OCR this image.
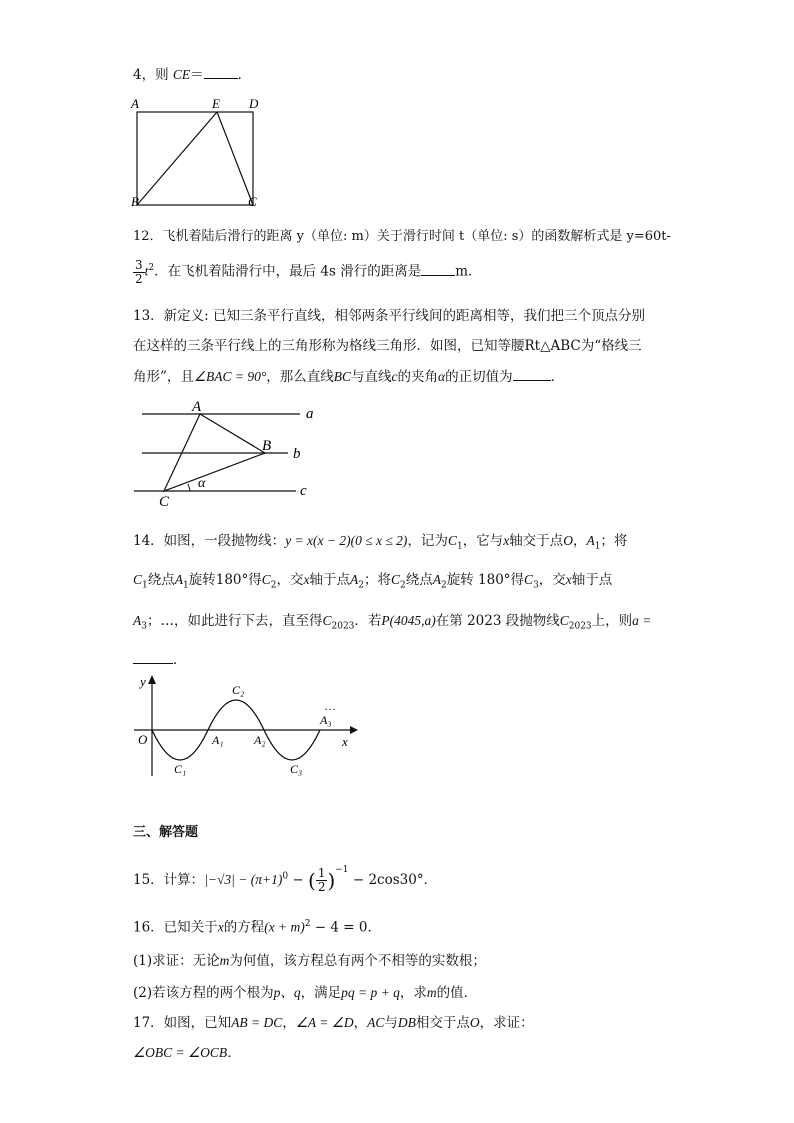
4，则 CE＝	．
A	E D
B	C
12．飞机着陆后滑行的距离 y（单位: m）关于滑行时间 t（单位: s）的函数解析式是 y=60t-
$\frac{3}{2} t^2$．在飞机着陆滑行中，最后 4s 滑行的距离是	m．
13．新定义: 已知三条平行直线，相邻两条平行线间的距离相等，我们把三个顶点分别
在这样的三条平行线上的三角形称为格线三角形．如图，已知等腰Rt△ABC为“格线三
角形”，且∠BAC = 90°，那么直线BC与直线c的夹角α的正切值为	．
A
B
C
a
b
c
α
14．如图，一段抛物线：y = x(x − 2)(0 ≤ x ≤ 2)，记为$C_1$，它与x轴交于点O，$A_1$；将
$C_1$绕点$A_1$旋转180°得$C_2$，交x轴于点$A_2$；将$C_2$绕点$A_2$旋转 180°得$C_3$，交x轴于点
$A_3$；…，如此进行下去，直至得$C_{2023}$．若P(4045,a)在第 2023 段抛物线$C_{2023}$上，则a =
．
y
x
O	A₁	A₂
A₃
…
C₁
C₂
C₃
三、解答题
15．计算：$|-√3| - (\pi+1)^0$ − ( $\frac{1}{2} )^{-1} - 2\cos 30^\circ$．
16．已知关于x的方程$(x + m)^2 - 4 = 0$．
(1)求证：无论m为何值，该方程总有两个不相等的实数根；
(2)若该方程的两个根为p、q，满足pq = p + q，求m的值．
17．如图，已知AB = DC，∠A = ∠D，AC与DB相交于点O，求证：
∠OBC = ∠OCB．
